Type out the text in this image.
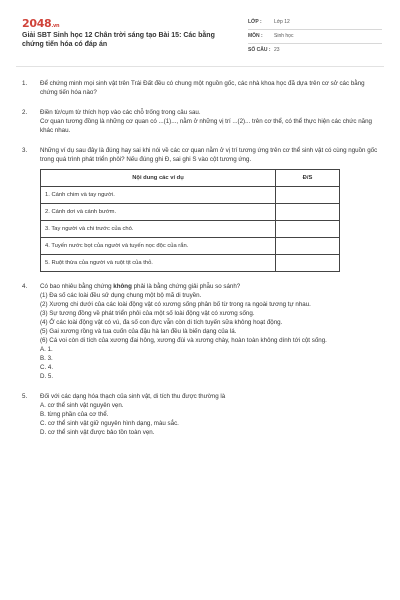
2048.vn
Giải SBT Sinh học 12 Chân trời sáng tạo Bài 15: Các bằng chứng tiến hóa có đáp án
LỚP :	Lớp 12
MÔN :	Sinh học
SỐ CÂU : 23
1.	Để chứng minh mọi sinh vật trên Trái Đất đều có chung một nguồn gốc, các nhà khoa học đã dựa trên cơ sở các bằng chứng tiến hóa nào?

2.	Điền từ/cụm từ thích hợp vào các chỗ trống trong câu sau.

Cơ quan tương đồng là những cơ quan có ...(1)..., nằm ở những vị trí ...(2)... trên cơ thể, có thể thực hiện các chức năng khác nhau.

3.	Những ví dụ sau đây là đúng hay sai khi nói về các cơ quan nằm ở vị trí tương ứng trên cơ thể sinh vật có cùng nguồn gốc trong quá trình phát triển phôi? Nếu đúng ghi Đ, sai ghi S vào cột tương ứng.

Nội dung các ví dụ	Đ/S
1. Cánh chim và tay người.	
2. Cánh dơi và cánh bướm.	
3. Tay người và chi trước của chó.	
4. Tuyến nước bọt của người và tuyến nọc độc của rắn.	
5. Ruột thừa của người và ruột tịt của thỏ.	
4.	Có bao nhiêu bằng chứng không phải là bằng chứng giải phẫu so sánh?

(1) Đa số các loài đều sử dụng chung một bộ mã di truyền.

(2) Xương chi dưới của các loài động vật có xương sống phân bố từ trong ra ngoài tương tự nhau.

(3) Sự tương đồng về phát triển phôi của một số loài động vật có xương sống.

(4) Ở các loài động vật có vú, đa số con đực vẫn còn di tích tuyến sữa không hoạt động.

(5) Gai xương rồng và tua cuốn của đậu hà lan đều là biến dạng của lá.

(6) Cá voi còn di tích của xương đai hông, xương đùi và xương chày, hoàn toàn không dính tới cột sống.

A. 1.

B. 3.

C. 4.

D. 5.

5.	Đối với các dạng hóa thạch của sinh vật, di tích thu được thường là

A. cơ thể sinh vật nguyên vẹn.

B. từng phần của cơ thể.

C. cơ thể sinh vật giữ nguyên hình dạng, màu sắc.

D. cơ thể sinh vật được bảo tồn toàn vẹn.
